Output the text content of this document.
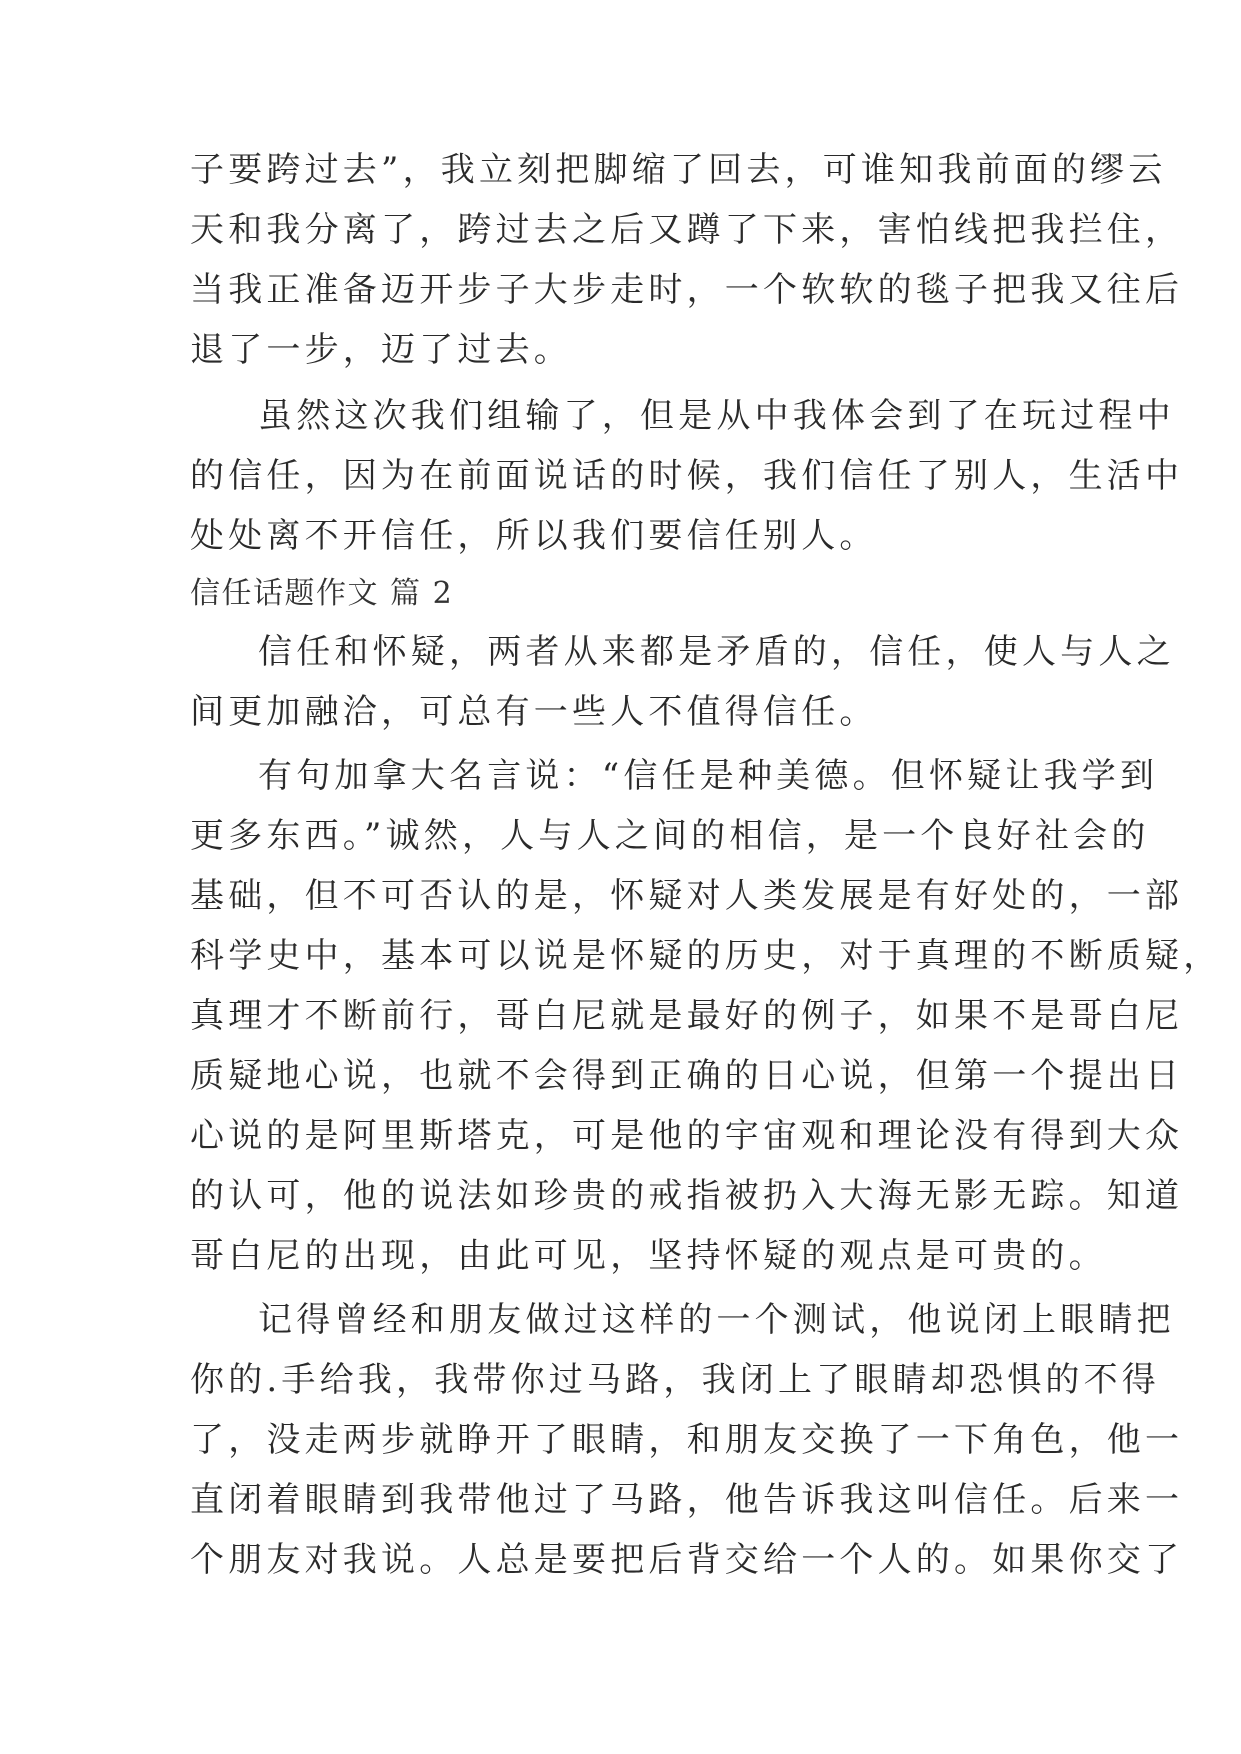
子要跨过去”，我立刻把脚缩了回去，可谁知我前面的缪云
天和我分离了，跨过去之后又蹲了下来，害怕线把我拦住，
当我正准备迈开步子大步走时，一个软软的毯子把我又往后
退了一步，迈了过去。
虽然这次我们组输了，但是从中我体会到了在玩过程中
的信任，因为在前面说话的时候，我们信任了别人，生活中
处处离不开信任，所以我们要信任别人。
信任话题作文 篇 2
信任和怀疑，两者从来都是矛盾的，信任，使人与人之
间更加融洽，可总有一些人不值得信任。
有句加拿大名言说：“信任是种美德。但怀疑让我学到
更多东西。”诚然，人与人之间的相信，是一个良好社会的
基础，但不可否认的是，怀疑对人类发展是有好处的，一部
科学史中，基本可以说是怀疑的历史，对于真理的不断质疑，
真理才不断前行，哥白尼就是最好的例子，如果不是哥白尼
质疑地心说，也就不会得到正确的日心说，但第一个提出日
心说的是阿里斯塔克，可是他的宇宙观和理论没有得到大众
的认可，他的说法如珍贵的戒指被扔入大海无影无踪。知道
哥白尼的出现，由此可见，坚持怀疑的观点是可贵的。
记得曾经和朋友做过这样的一个测试，他说闭上眼睛把
你的.手给我，我带你过马路，我闭上了眼睛却恐惧的不得
了，没走两步就睁开了眼睛，和朋友交换了一下角色，他一
直闭着眼睛到我带他过了马路，他告诉我这叫信任。后来一
个朋友对我说。人总是要把后背交给一个人的。如果你交了
